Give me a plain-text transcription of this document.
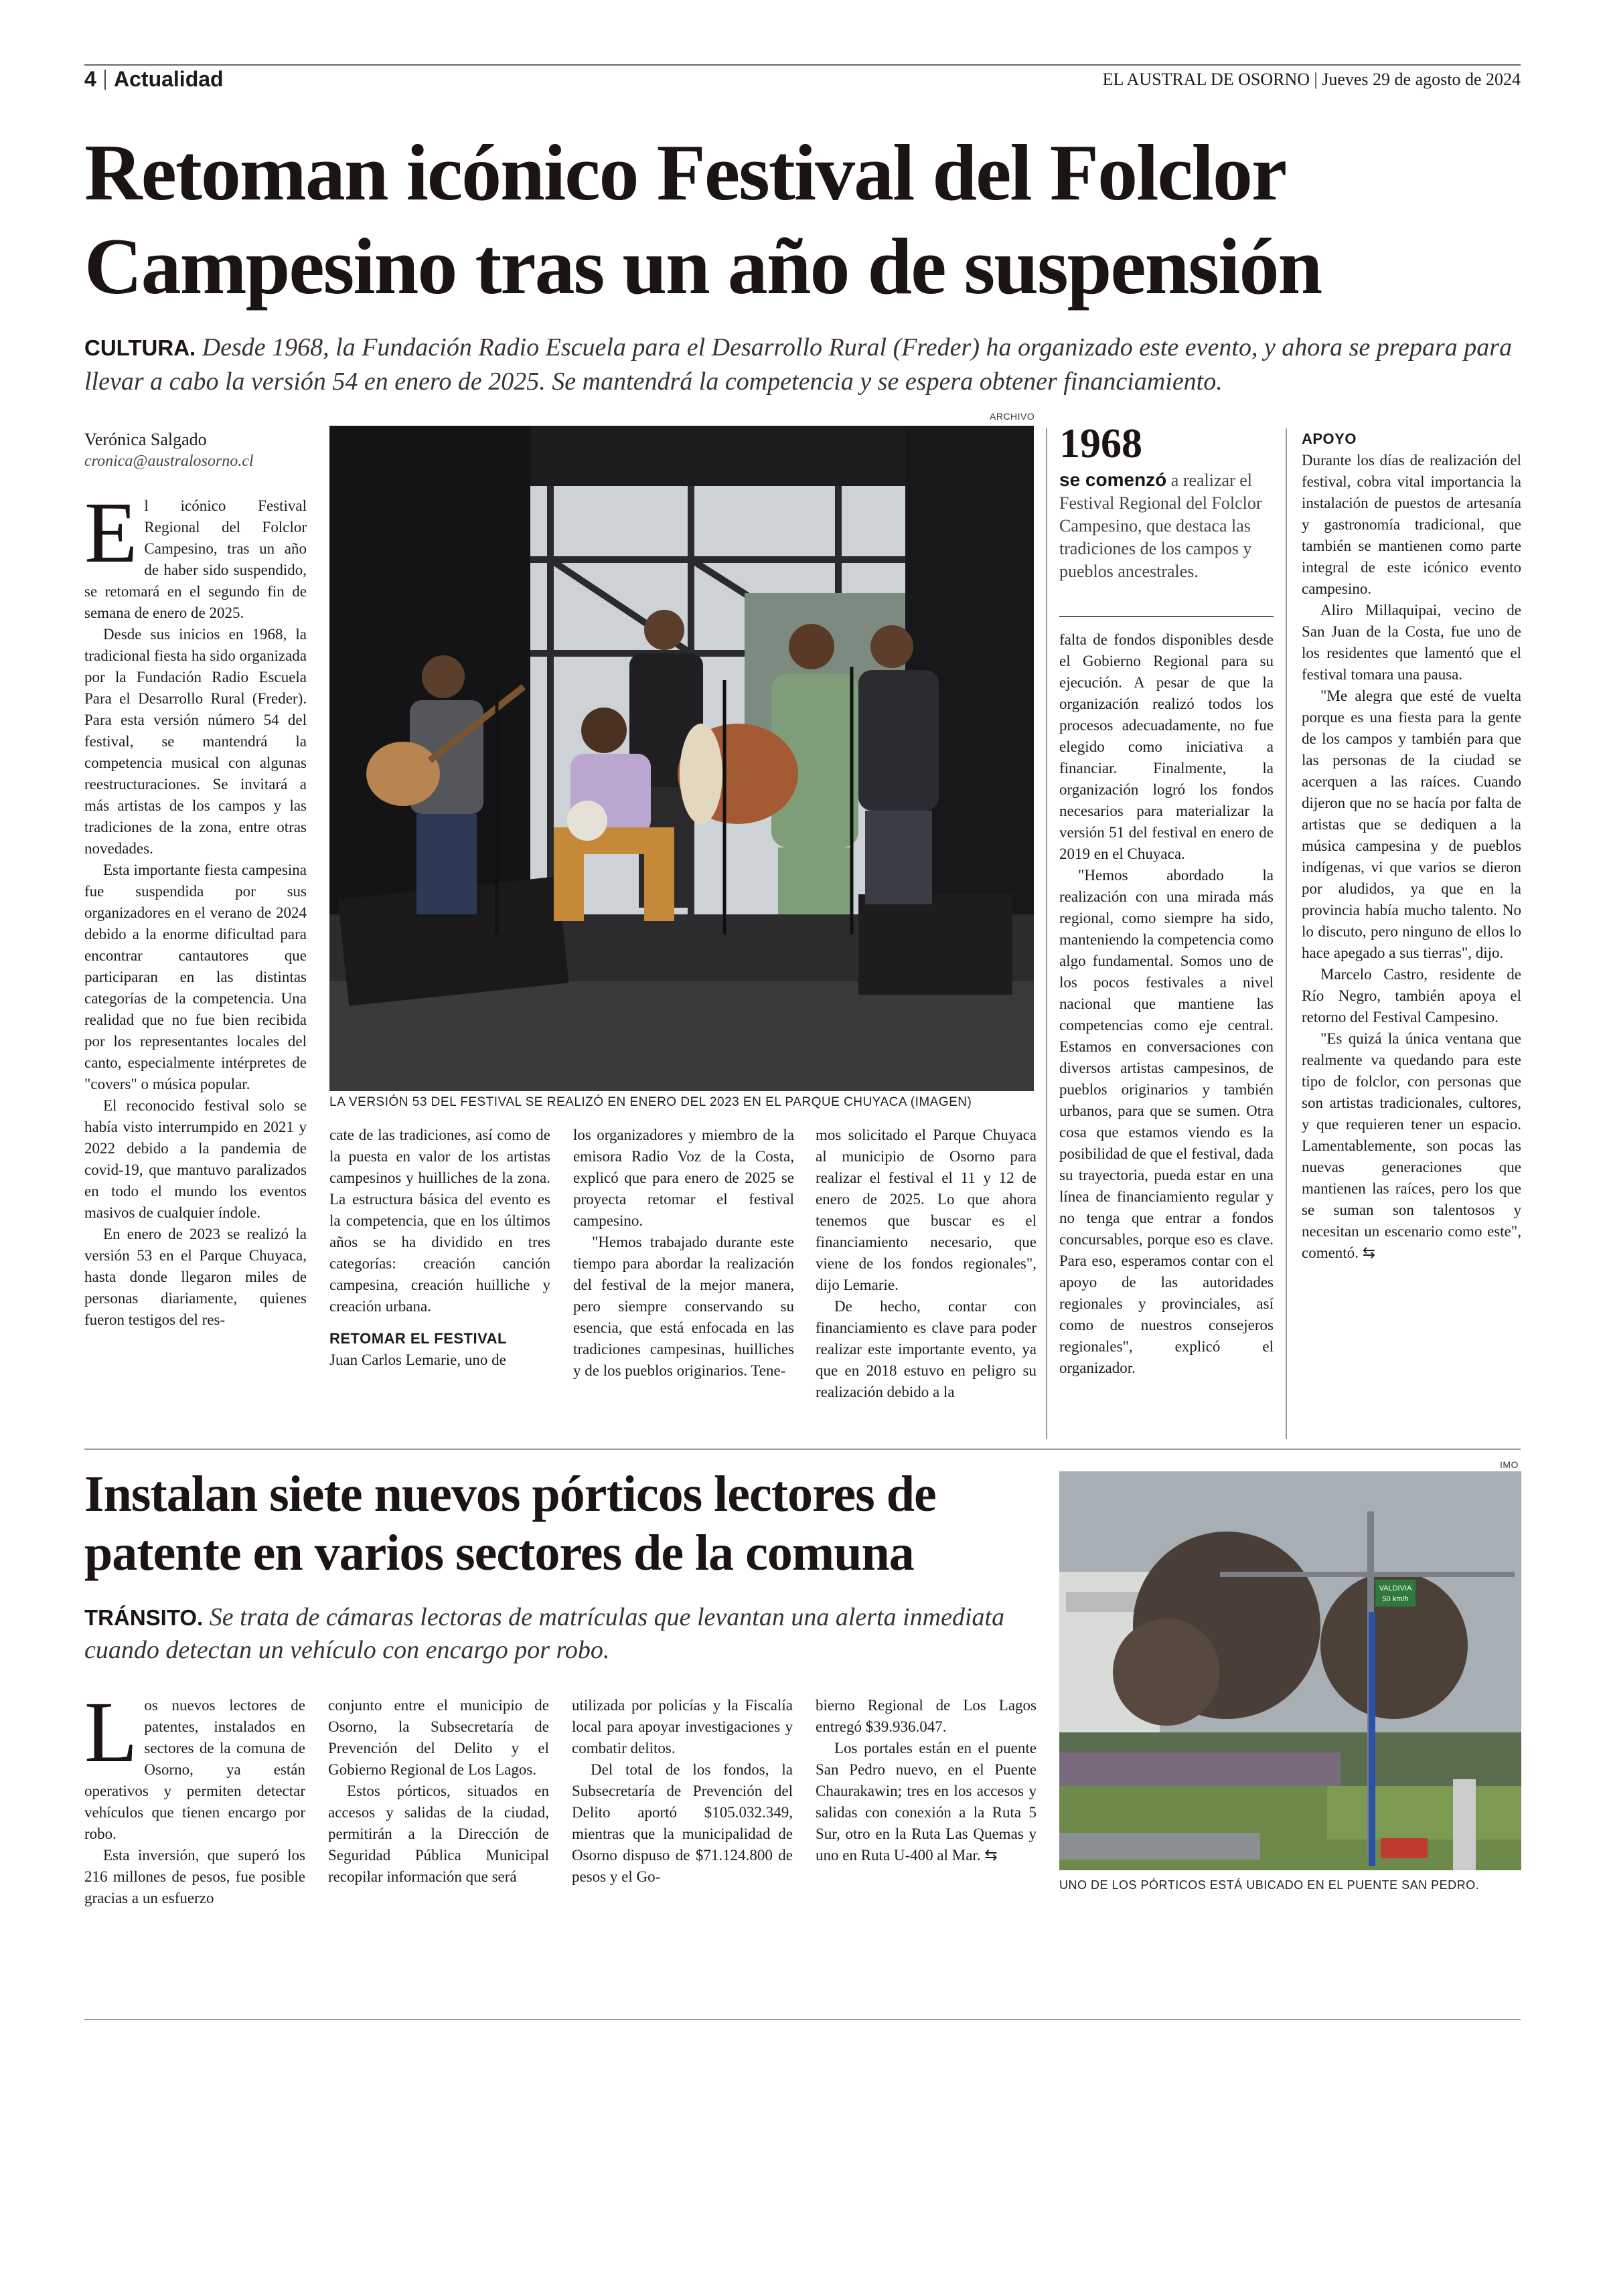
4 Actualidad	EL AUSTRAL DE OSORNO | Jueves 29 de agosto de 2024
Retoman icónico Festival del Folclor Campesino tras un año de suspensión
CULTURA. Desde 1968, la Fundación Radio Escuela para el Desarrollo Rural (Freder) ha organizado este evento, y ahora se prepara para llevar a cabo la versión 54 en enero de 2025. Se mantendrá la competencia y se espera obtener financiamiento.
Verónica Salgado
cronica@australosorno.cl

El icónico Festival Regional del Folclor Campesino, tras un año de haber sido suspendido, se retomará en el segundo fin de semana de enero de 2025.

Desde sus inicios en 1968, la tradicional fiesta ha sido organizada por la Fundación Radio Escuela Para el Desarrollo Rural (Freder). Para esta versión número 54 del festival, se mantendrá la competencia musical con algunas reestructuraciones. Se invitará a más artistas de los campos y las tradiciones de la zona, entre otras novedades.

Esta importante fiesta campesina fue suspendida por sus organizadores en el verano de 2024 debido a la enorme dificultad para encontrar cantautores que participaran en las distintas categorías de la competencia. Una realidad que no fue bien recibida por los representantes locales del canto, especialmente intérpretes de "covers" o música popular.

El reconocido festival solo se había visto interrumpido en 2021 y 2022 debido a la pandemia de covid-19, que mantuvo paralizados en todo el mundo los eventos masivos de cualquier índole.

En enero de 2023 se realizó la versión 53 en el Parque Chuyaca, hasta donde llegaron miles de personas diariamente, quienes fueron testigos del res-

ARCHIVO
LA VERSIÓN 53 DEL FESTIVAL SE REALIZÓ EN ENERO DEL 2023 EN EL PARQUE CHUYACA (IMAGEN)

cate de las tradiciones, así como de la puesta en valor de los artistas campesinos y huilliches de la zona. La estructura básica del evento es la competencia, que en los últimos años se ha dividido en tres categorías: creación canción campesina, creación huilliche y creación urbana.

RETOMAR EL FESTIVAL

Juan Carlos Lemarie, uno de

los organizadores y miembro de la emisora Radio Voz de la Costa, explicó que para enero de 2025 se proyecta retomar el festival campesino.

"Hemos trabajado durante este tiempo para abordar la realización del festival de la mejor manera, pero siempre conservando su esencia, que está enfocada en las tradiciones campesinas, huilliches y de los pueblos originarios. Tene-

mos solicitado el Parque Chuyaca al municipio de Osorno para realizar el festival el 11 y 12 de enero de 2025. Lo que ahora tenemos que buscar es el financiamiento necesario, que viene de los fondos regionales", dijo Lemarie.

De hecho, contar con financiamiento es clave para poder realizar este importante evento, ya que en 2018 estuvo en peligro su realización debido a la

1968
se comenzó a realizar el Festival Regional del Folclor Campesino, que destaca las tradiciones de los campos y pueblos ancestrales.

falta de fondos disponibles desde el Gobierno Regional para su ejecución. A pesar de que la organización realizó todos los procesos adecuadamente, no fue elegido como iniciativa a financiar. Finalmente, la organización logró los fondos necesarios para materializar la versión 51 del festival en enero de 2019 en el Chuyaca.

"Hemos abordado la realización con una mirada más regional, como siempre ha sido, manteniendo la competencia como algo fundamental. Somos uno de los pocos festivales a nivel nacional que mantiene las competencias como eje central. Estamos en conversaciones con diversos artistas campesinos, de pueblos originarios y también urbanos, para que se sumen. Otra cosa que estamos viendo es la posibilidad de que el festival, dada su trayectoria, pueda estar en una línea de financiamiento regular y no tenga que entrar a fondos concursables, porque eso es clave. Para eso, esperamos contar con el apoyo de las autoridades regionales y provinciales, así como de nuestros consejeros regionales", explicó el organizador.

APOYO

Durante los días de realización del festival, cobra vital importancia la instalación de puestos de artesanía y gastronomía tradicional, que también se mantienen como parte integral de este icónico evento campesino.

Aliro Millaquipai, vecino de San Juan de la Costa, fue uno de los residentes que lamentó que el festival tomara una pausa.

"Me alegra que esté de vuelta porque es una fiesta para la gente de los campos y también para que las personas de la ciudad se acerquen a las raíces. Cuando dijeron que no se hacía por falta de artistas que se dediquen a la música campesina y de pueblos indígenas, vi que varios se dieron por aludidos, ya que en la provincia había mucho talento. No lo discuto, pero ninguno de ellos lo hace apegado a sus tierras", dijo.

Marcelo Castro, residente de Río Negro, también apoya el retorno del Festival Campesino.

"Es quizá la única ventana que realmente va quedando para este tipo de folclor, con personas que son artistas tradicionales, cultores, y que requieren tener un espacio. Lamentablemente, son pocas las nuevas generaciones que mantienen las raíces, pero los que se suman son talentosos y necesitan un escenario como este", comentó. ⇆

Instalan siete nuevos pórticos lectores de patente en varios sectores de la comuna
TRÁNSITO. Se trata de cámaras lectoras de matrículas que levantan una alerta inmediata cuando detectan un vehículo con encargo por robo.

Los nuevos lectores de patentes, instalados en sectores de la comuna de Osorno, ya están operativos y permiten detectar vehículos que tienen encargo por robo.

Esta inversión, que superó los 216 millones de pesos, fue posible gracias a un esfuerzo

conjunto entre el municipio de Osorno, la Subsecretaría de Prevención del Delito y el Gobierno Regional de Los Lagos.

Estos pórticos, situados en accesos y salidas de la ciudad, permitirán a la Dirección de Seguridad Pública Municipal recopilar información que será

utilizada por policías y la Fiscalía local para apoyar investigaciones y combatir delitos.

Del total de los fondos, la Subsecretaría de Prevención del Delito aportó $105.032.349, mientras que la municipalidad de Osorno dispuso de $71.124.800 de pesos y el Go-

bierno Regional de Los Lagos entregó $39.936.047.

Los portales están en el puente San Pedro nuevo, en el Puente Chaurakawin; tres en los accesos y salidas con conexión a la Ruta 5 Sur, otro en la Ruta Las Quemas y uno en Ruta U-400 al Mar. ⇆

IMO
VALDIVIA
50 km/h
UNO DE LOS PÓRTICOS ESTÁ UBICADO EN EL PUENTE SAN PEDRO.
